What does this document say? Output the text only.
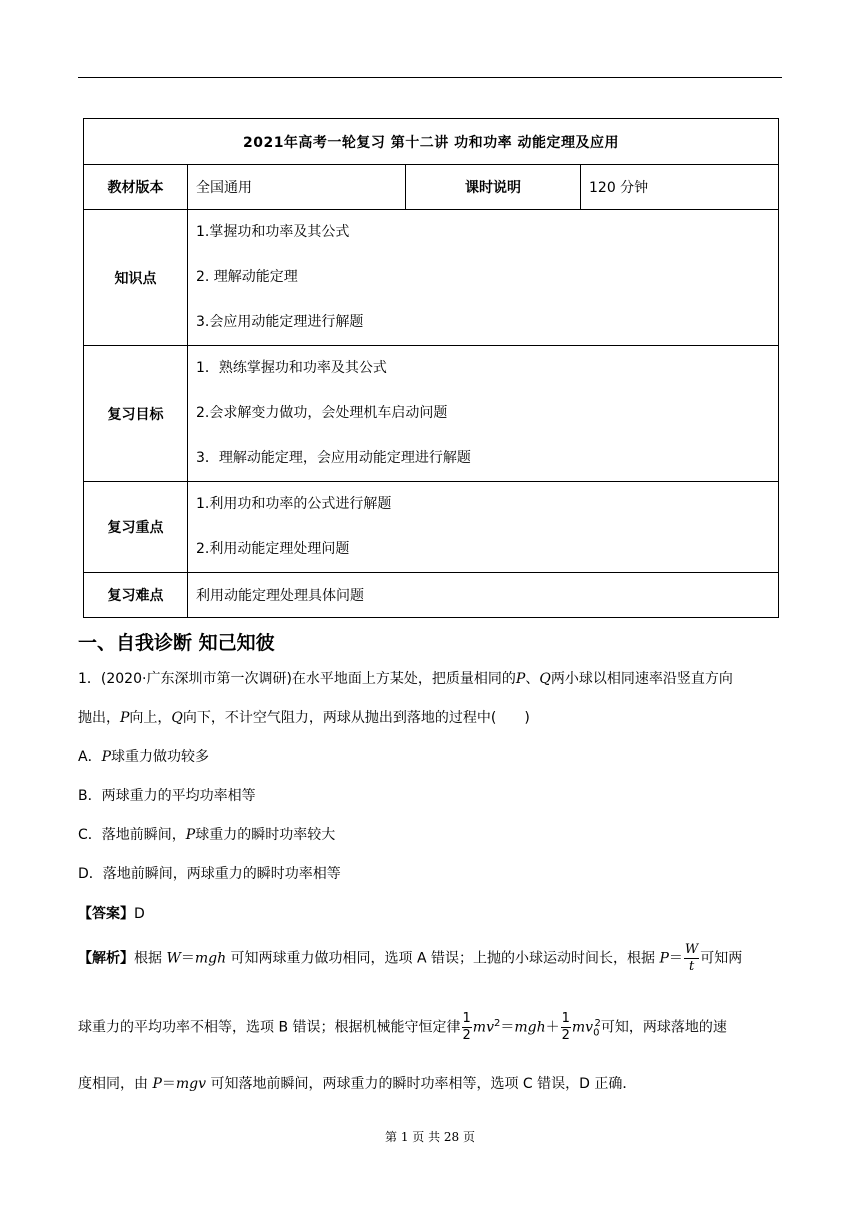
2021年高考一轮复习 第十二讲 功和功率 动能定理及应用			
教材版本	全国通用	课时说明	120 分钟
知识点	1.掌握功和功率及其公式
2. 理解动能定理
3.会应用动能定理进行解题		

复习目标	1．熟练掌握功和功率及其公式
2.会求解变力做功，会处理机车启动问题
3．理解动能定理，会应用动能定理进行解题		

复习重点	1.利用功和功率的公式进行解题
2.利用动能定理处理问题		

复习难点	利用动能定理处理具体问题		
一、自我诊断 知己知彼
1．(2020·广东深圳市第一次调研)在水平地面上方某处，把质量相同的P、Q两小球以相同速率沿竖直方向
抛出，P向上，Q向下，不计空气阻力，两球从抛出到落地的过程中(　　)
A．P球重力做功较多
B．两球重力的平均功率相等
C．落地前瞬间，P球重力的瞬时功率较大
D．落地前瞬间，两球重力的瞬时功率相等
【答案】D
【解析】根据 W＝mgh 可知两球重力做功相同，选项 A 错误；上抛的小球运动时间长，根据 $P= \frac{W}{t}$ 可知两
球重力的平均功率不相等，选项 B 错误；根据机械能守恒定律 $\frac{1}{2} mv^2=mgh+ \frac{1}{2} mv_0^2$可知，两球落地的速
度相同，由 P＝mgv 可知落地前瞬间，两球重力的瞬时功率相等，选项 C 错误，D 正确．
第 1 页 共 28 页
